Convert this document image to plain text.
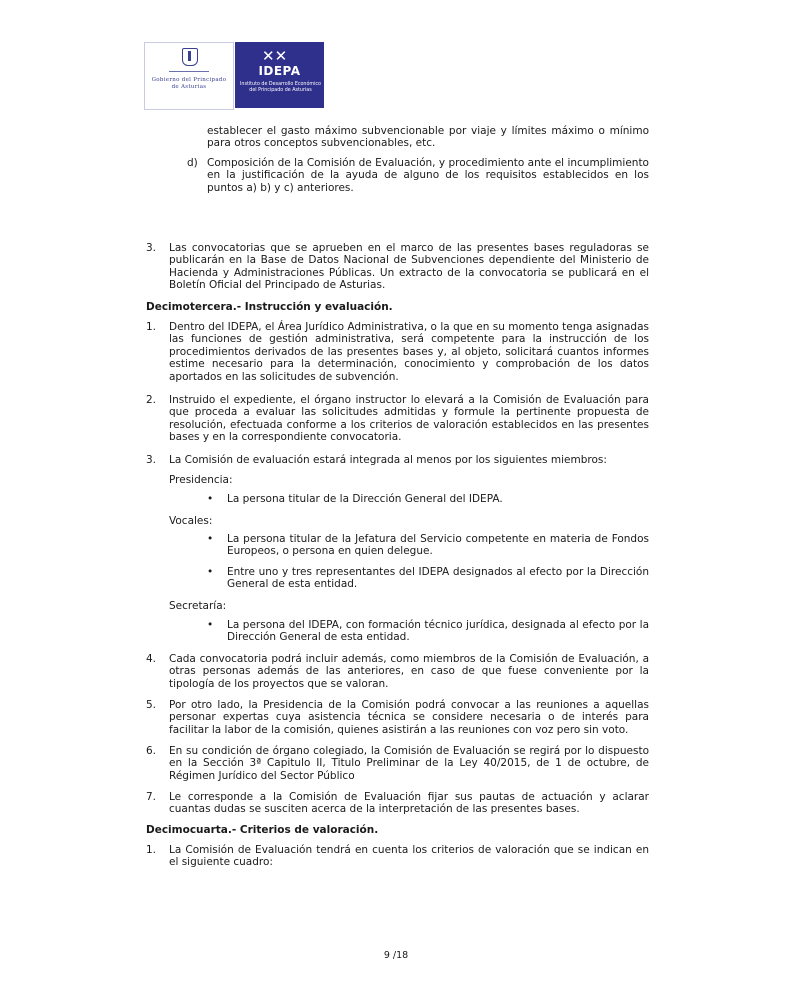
Gobierno del Principado de Asturias
✕✕
IDEPA
Instituto de Desarrollo Económico del Principado de Asturias
establecer el gasto máximo subvencionable por viaje y límites máximo o mínimo para otros conceptos subvencionables, etc.
d) Composición de la Comisión de Evaluación, y procedimiento ante el incumplimiento en la justificación de la ayuda de alguno de los requisitos establecidos en los puntos a) b) y c) anteriores.
3. Las convocatorias que se aprueben en el marco de las presentes bases reguladoras se publicarán en la Base de Datos Nacional de Subvenciones dependiente del Ministerio de Hacienda y Administraciones Públicas. Un extracto de la convocatoria se publicará en el Boletín Oficial del Principado de Asturias.
Decimotercera.- Instrucción y evaluación.
1. Dentro del IDEPA, el Área Jurídico Administrativa, o la que en su momento tenga asignadas las funciones de gestión administrativa, será competente para la instrucción de los procedimientos derivados de las presentes bases y, al objeto, solicitará cuantos informes estime necesario para la determinación, conocimiento y comprobación de los datos aportados en las solicitudes de subvención.
2. Instruido el expediente, el órgano instructor lo elevará a la Comisión de Evaluación para que proceda a evaluar las solicitudes admitidas y formule la pertinente propuesta de resolución, efectuada conforme a los criterios de valoración establecidos en las presentes bases y en la correspondiente convocatoria.
3. La Comisión de evaluación estará integrada al menos por los siguientes miembros:
Presidencia:
• La persona titular de la Dirección General del IDEPA.
Vocales:
• La persona titular de la Jefatura del Servicio competente en materia de Fondos Europeos, o persona en quien delegue.
• Entre uno y tres representantes del IDEPA designados al efecto por la Dirección General de esta entidad.
Secretaría:
• La persona del IDEPA, con formación técnico jurídica, designada al efecto por la Dirección General de esta entidad.
4. Cada convocatoria podrá incluir además, como miembros de la Comisión de Evaluación, a otras personas además de las anteriores, en caso de que fuese conveniente por la tipología de los proyectos que se valoran.
5. Por otro lado, la Presidencia de la Comisión podrá convocar a las reuniones a aquellas personar expertas cuya asistencia técnica se considere necesaria o de interés para facilitar la labor de la comisión, quienes asistirán a las reuniones con voz pero sin voto.
6. En su condición de órgano colegiado, la Comisión de Evaluación se regirá por lo dispuesto en la Sección 3ª Capitulo II, Titulo Preliminar de la Ley 40/2015, de 1 de octubre, de Régimen Jurídico del Sector Público
7. Le corresponde a la Comisión de Evaluación fijar sus pautas de actuación y aclarar cuantas dudas se susciten acerca de la interpretación de las presentes bases.
Decimocuarta.- Criterios de valoración.
1. La Comisión de Evaluación tendrá en cuenta los criterios de valoración que se indican en el siguiente cuadro:
9 /18
